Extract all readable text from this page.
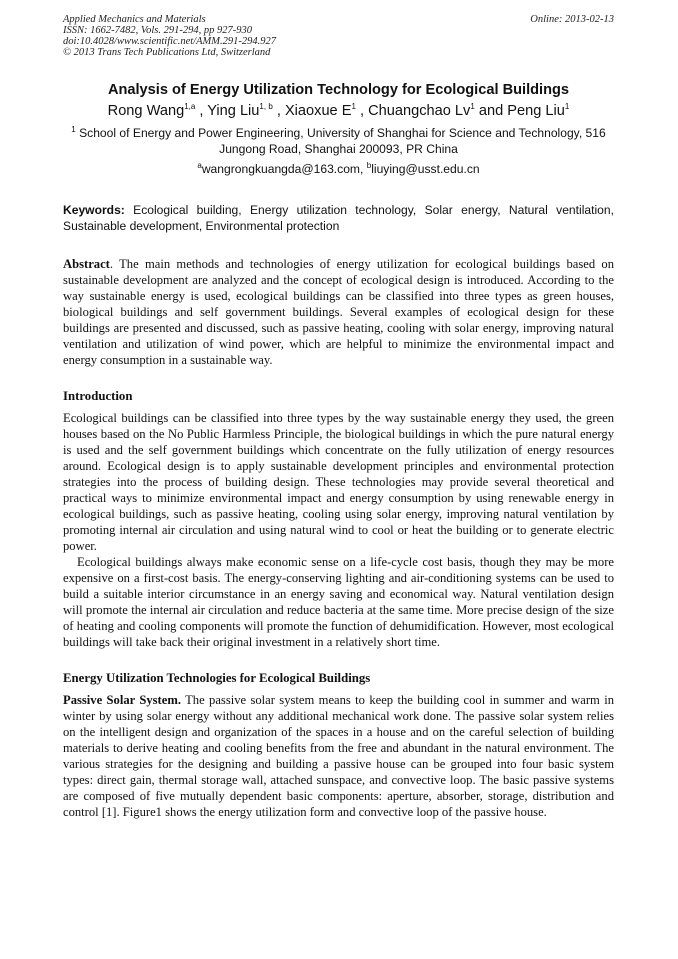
Applied Mechanics and Materials	Online: 2013-02-13
ISSN: 1662-7482, Vols. 291-294, pp 927-930
doi:10.4028/www.scientific.net/AMM.291-294.927
© 2013 Trans Tech Publications Ltd, Switzerland
Analysis of Energy Utilization Technology for Ecological Buildings
Rong Wang$^{1,a}$ , Ying Liu$^{1, b}$ , Xiaoxue $E^1$ , Chuangchao Lv$^1$ and Peng Liu$^1$
$^1$ School of Energy and Power Engineering, University of Shanghai for Science and Technology, 516 Jungong Road, Shanghai 200093, PR China
$^a$wangrongkuangda@163.com, $^b$liuying@usst.edu.cn
Keywords: Ecological building, Energy utilization technology, Solar energy, Natural ventilation, Sustainable development, Environmental protection
Abstract. The main methods and technologies of energy utilization for ecological buildings based on sustainable development are analyzed and the concept of ecological design is introduced. According to the way sustainable energy is used, ecological buildings can be classified into three types as green houses, biological buildings and self government buildings. Several examples of ecological design for these buildings are presented and discussed, such as passive heating, cooling with solar energy, improving natural ventilation and utilization of wind power, which are helpful to minimize the environmental impact and energy consumption in a sustainable way.
Introduction
Ecological buildings can be classified into three types by the way sustainable energy they used, the green houses based on the No Public Harmless Principle, the biological buildings in which the pure natural energy is used and the self government buildings which concentrate on the fully utilization of energy resources around. Ecological design is to apply sustainable development principles and environmental protection strategies into the process of building design. These technologies may provide several theoretical and practical ways to minimize environmental impact and energy consumption by using renewable energy in ecological buildings, such as passive heating, cooling using solar energy, improving natural ventilation by promoting internal air circulation and using natural wind to cool or heat the building or to generate electric power.
Ecological buildings always make economic sense on a life-cycle cost basis, though they may be more expensive on a first-cost basis. The energy-conserving lighting and air-conditioning systems can be used to build a suitable interior circumstance in an energy saving and economical way. Natural ventilation design will promote the internal air circulation and reduce bacteria at the same time. More precise design of the size of heating and cooling components will promote the function of dehumidification. However, most ecological buildings will take back their original investment in a relatively short time.
Energy Utilization Technologies for Ecological Buildings
Passive Solar System. The passive solar system means to keep the building cool in summer and warm in winter by using solar energy without any additional mechanical work done. The passive solar system relies on the intelligent design and organization of the spaces in a house and on the careful selection of building materials to derive heating and cooling benefits from the free and abundant in the natural environment. The various strategies for the designing and building a passive house can be grouped into four basic system types: direct gain, thermal storage wall, attached sunspace, and convective loop. The basic passive systems are composed of five mutually dependent basic components: aperture, absorber, storage, distribution and control [1]. Figure1 shows the energy utilization form and convective loop of the passive house.
